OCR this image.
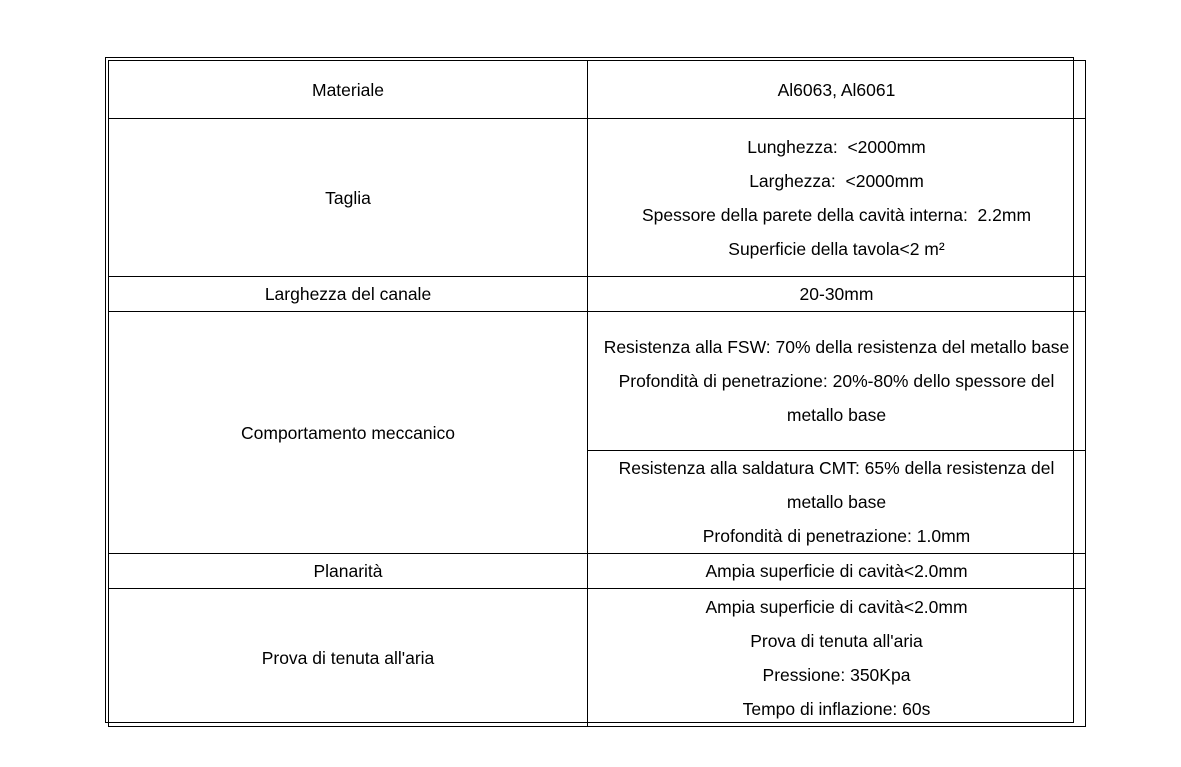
Materiale	Al6063, Al6061

Taglia	Lunghezza:  <2000mm
Larghezza:  <2000mm
Spessore della parete della cavità interna:  2.2mm
Superficie della tavola<2 m²

Larghezza del canale	20-30mm

Comportamento meccanico	Resistenza alla FSW: 70% della resistenza del metallo base
Profondità di penetrazione: 20%-80% dello spessore del metallo base

	Resistenza alla saldatura CMT: 65% della resistenza del metallo base
Profondità di penetrazione: 1.0mm

Planarità	Ampia superficie di cavità<2.0mm

Prova di tenuta all'aria	Ampia superficie di cavità<2.0mm
Prova di tenuta all'aria
Pressione: 350Kpa
Tempo di inflazione: 60s
